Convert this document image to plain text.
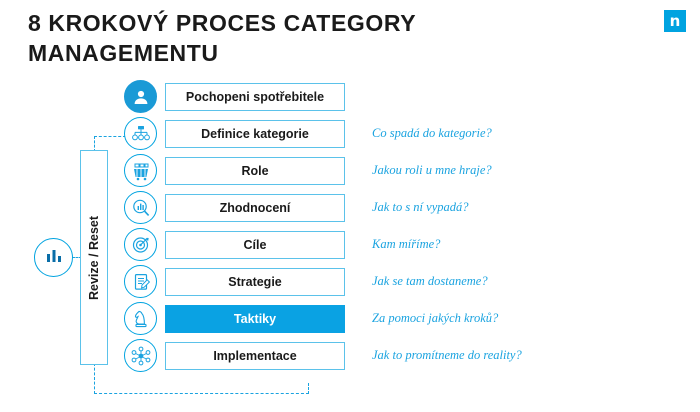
8 KROKOVÝ PROCES CATEGORY MANAGEMENTU
n
Revize / Reset
Pochopeni spotřebitele
Definice kategorie	Co spadá do kategorie?
Role	Jakou roli u mne hraje?
Zhodnocení	Jak to s ní vypadá?
Cíle	Kam míříme?
Strategie	Jak se tam dostaneme?
Taktiky	Za pomoci jakých kroků?
Implementace	Jak to promítneme do reality?
